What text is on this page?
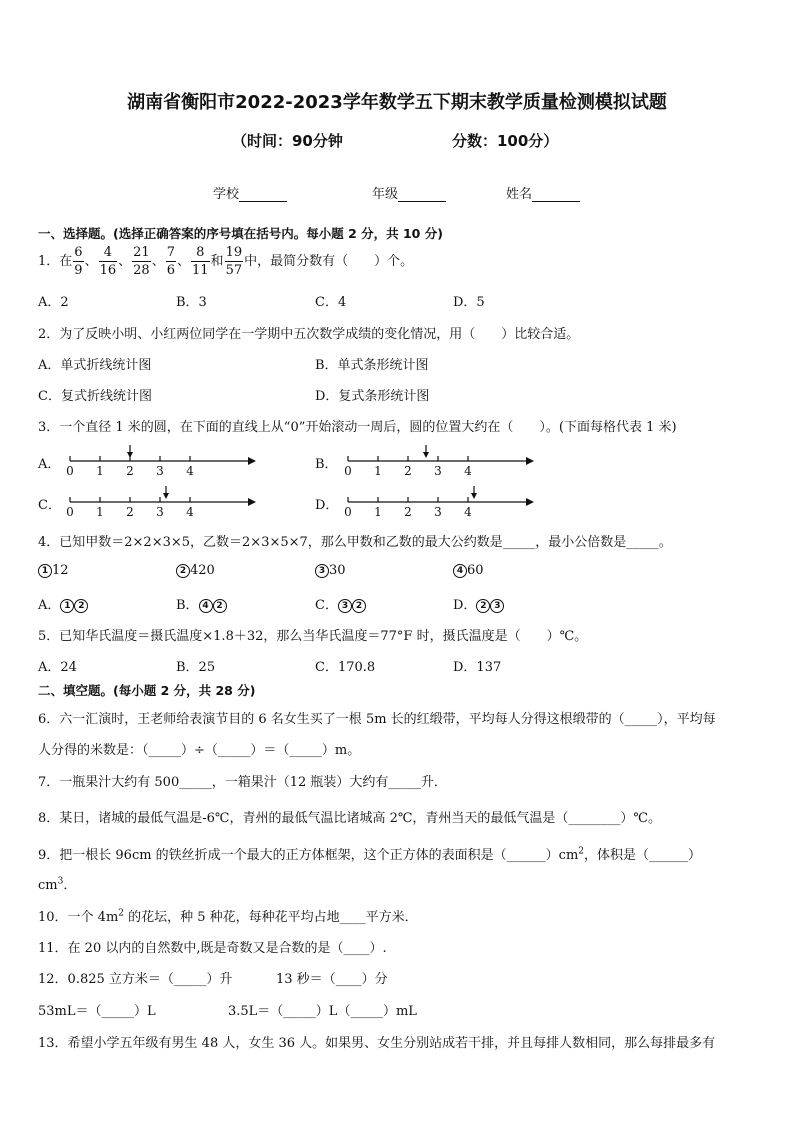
湖南省衡阳市2022-2023学年数学五下期末教学质量检测模拟试题
（时间：90分钟	分数：100分）
学校	年级	姓名
一、选择题。(选择正确答案的序号填在括号内。每小题 2 分，共 10 分)
1．在 $\frac{6}{9}$ 、 $\frac{4}{16}$ 、 $\frac{21}{28}$ 、 $\frac{7}{6}$ 、 $\frac{8}{11}$ 和 $\frac{19}{57}$ 中，最简分数有（　　）个。
A．2	B．3	C．4	D．5
2．为了反映小明、小红两位同学在一学期中五次数学成绩的变化情况，用（　　）比较合适。
A．单式折线统计图	B．单式条形统计图
C．复式折线统计图	D．复式条形统计图
3．一个直径 1 米的圆，在下面的直线上从“0”开始滚动一周后，圆的位置大约在（　　）。(下面每格代表 1 米)
A．	B．
C．	D．
0 1 2 3 4	0 1 2 3 4
0 1 2 3 4	0 1 2 3 4
4．已知甲数＝2×2×3×5，乙数＝2×3×5×7，那么甲数和乙数的最大公约数是_____，最小公倍数是_____。
1 12	2 420	3 30	4 60
A． 1 2	B． 4 2	C． 3 2	D． 2 3
5．已知华氏温度＝摄氏温度×1.8＋32，那么当华氏温度＝77°F 时，摄氏温度是（　　）℃。
A．24	B．25	C．170.8	D．137
二、填空题。(每小题 2 分，共 28 分)
6．六一汇演时，王老师给表演节目的 6 名女生买了一根 5m 长的红缎带，平均每人分得这根缎带的（_____），平均每
人分得的米数是：（_____）÷（_____）＝（_____）m。
7．一瓶果汁大约有 500_____，一箱果汁（12 瓶装）大约有_____升．
8．某日，诸城的最低气温是-6℃，青州的最低气温比诸城高 2℃，青州当天的最低气温是（________）℃。
9．把一根长 96cm 的铁丝折成一个最大的正方体框架，这个正方体的表面积是$(\_\_\_\_\_\_)cm^2$，体积是（______）
$cm^3$．
10．一个 $4m^2$ 的花坛，种 5 种花，每种花平均占地____平方米．
11．在 20 以内的自然数中,既是奇数又是合数的是（____）.
12．0.825 立方米＝（_____）升	13 秒＝（____）分
53mL＝（_____）L	3.5L＝（_____）L（_____）mL
13．希望小学五年级有男生 48 人，女生 36 人。如果男、女生分别站成若干排，并且每排人数相同，那么每排最多有
